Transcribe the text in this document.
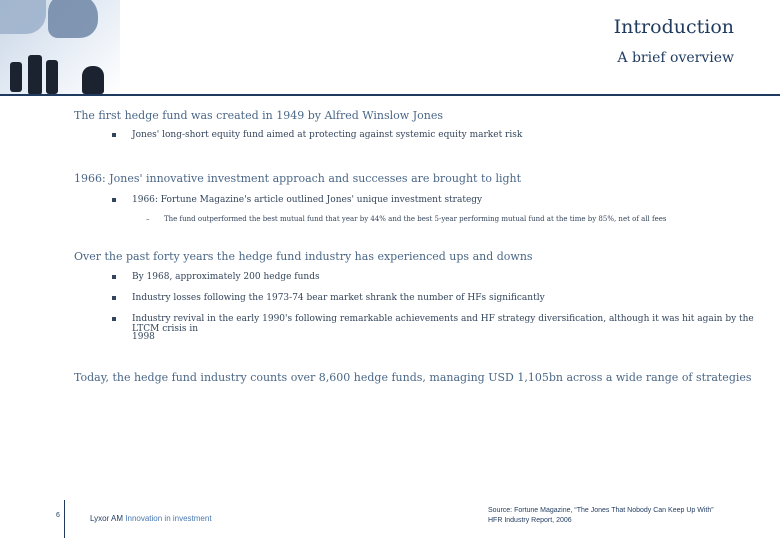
Introduction
A brief overview
The first hedge fund was created in 1949 by Alfred Winslow Jones
Jones' long-short equity fund aimed at protecting against systemic equity market risk
1966: Jones' innovative investment approach and successes are brought to light
1966: Fortune Magazine's article outlined Jones' unique investment strategy
– The fund outperformed the best mutual fund that year by 44% and the best 5-year performing mutual fund at the time by 85%, net of all fees
Over the past forty years the hedge fund industry has experienced ups and downs
By 1968, approximately 200 hedge funds
Industry losses following the 1973-74 bear market shrank the number of HFs significantly
Industry revival in the early 1990's following remarkable achievements and HF strategy diversification, although it was hit again by the LTCM crisis in
1998
Today, the hedge fund industry counts over 8,600 hedge funds, managing USD 1,105bn across a wide range of strategies
6	Lyxor AM Innovation in investment
Source: Fortune Magazine, “The Jones That Nobody Can Keep Up With”
HFR Industry Report, 2006
